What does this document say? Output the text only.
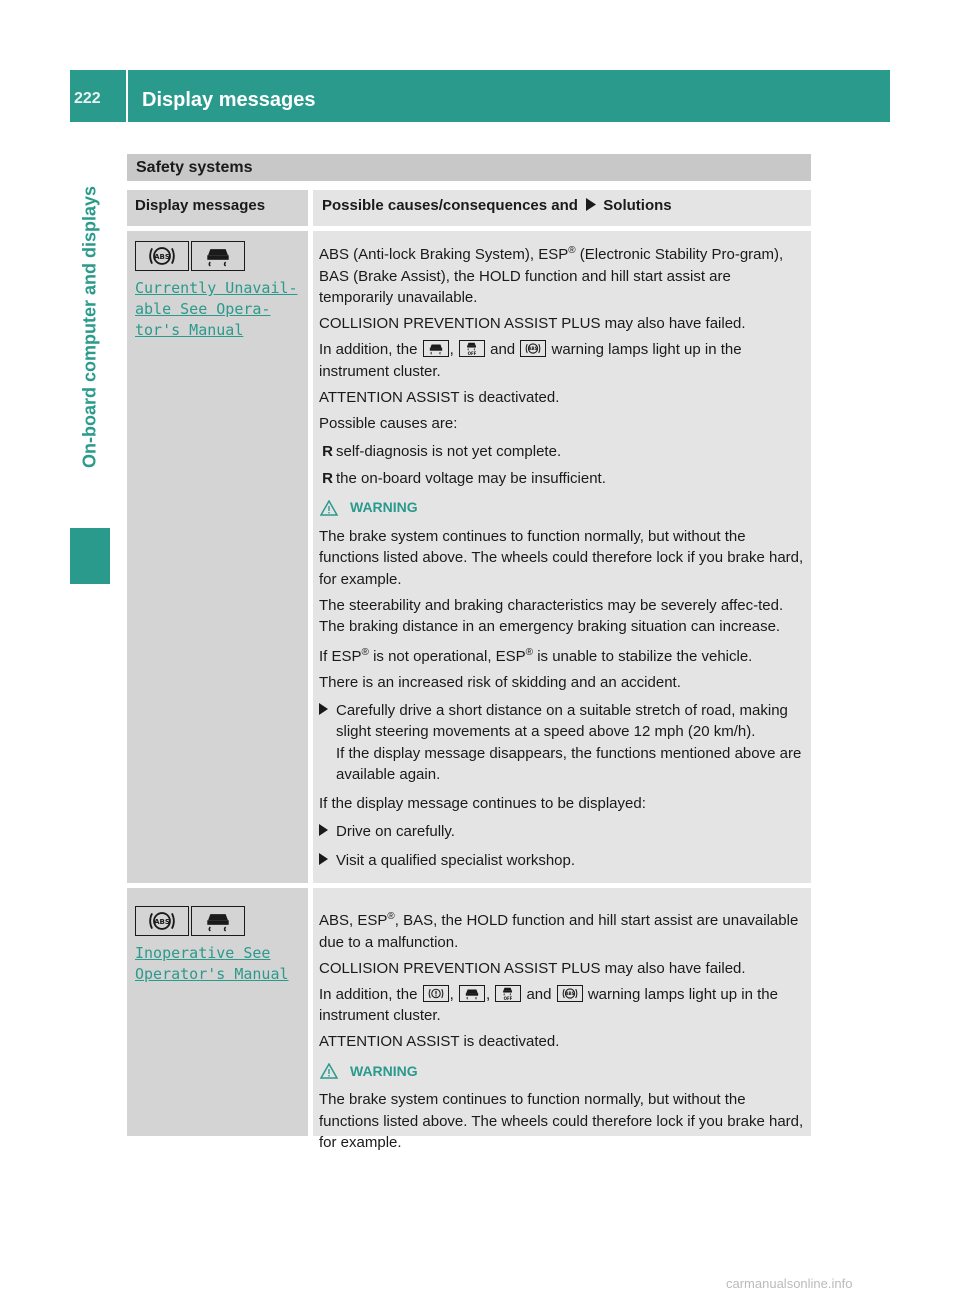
222	Display messages
On-board computer and displays
Safety systems
Display messages	Possible causes/consequences and Solutions
Currently Unavail‐
able See Opera‐
tor's Manual

ABS (Anti-lock Braking System), ESP® (Electronic Stability Pro-gram), BAS (Brake Assist), the HOLD function and hill start assist are temporarily unavailable.

COLLISION PREVENTION ASSIST PLUS may also have failed.

In addition, the , and warning lamps light up in the instrument cluster.

ATTENTION ASSIST is deactivated.

Possible causes are:

R self-diagnosis is not yet complete.
R the on-board voltage may be insufficient.
WARNING

The brake system continues to function normally, but without the functions listed above. The wheels could therefore lock if you brake hard, for example.

The steerability and braking characteristics may be severely affec-ted. The braking distance in an emergency braking situation can increase.

If ESP® is not operational, ESP® is unable to stabilize the vehicle.

There is an increased risk of skidding and an accident.

Carefully drive a short distance on a suitable stretch of road, making slight steering movements at a speed above 12 mph (20 km/h).
If the display message disappears, the functions mentioned above are available again.

If the display message continues to be displayed:

Drive on carefully.
Visit a qualified specialist workshop.
Inoperative See
Operator's Manual

ABS, ESP®, BAS, the HOLD function and hill start assist are unavailable due to a malfunction.

COLLISION PREVENTION ASSIST PLUS may also have failed.

In addition, the , , and warning lamps light up in the instrument cluster.

ATTENTION ASSIST is deactivated.

WARNING

The brake system continues to function normally, but without the functions listed above. The wheels could therefore lock if you brake hard, for example.

carmanualsonline.info
